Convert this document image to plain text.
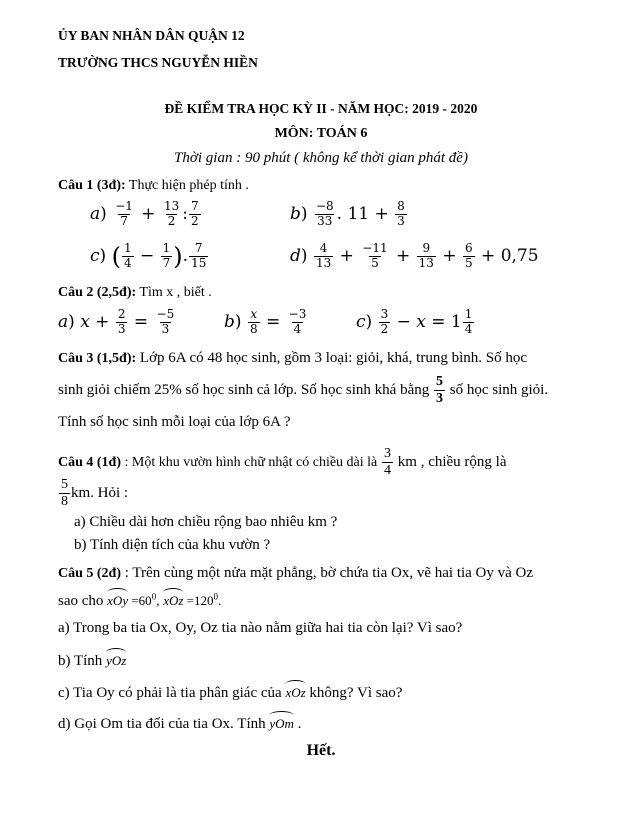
ỦY BAN NHÂN DÂN QUẬN 12
TRƯỜNG THCS NGUYỄN HIỀN
ĐỀ KIỂM TRA HỌC KỲ II - NĂM HỌC: 2019 - 2020
MÔN: TOÁN 6
Thời gian : 90 phút ( không kể thời gian phát đề)
Câu 1 (3đ): Thực hiện phép tính .
$a) \frac{-1}{7} + \frac{13}{2}$ : $\frac{7}{2}$	$b) \frac{-8}{33}$ . $11 + \frac{8}{3}$
c) ( $\frac{1}{4} - \frac{1}{7}$ ). $\frac{7}{15}$	$d) \frac{4}{13} + \frac{-11}{5} + \frac{9}{13} + \frac{6}{5} + 0,75$
Câu 2 (2,5đ): Tìm x , biết .
a) $x + \frac{2}{3} = \frac{-5}{3}$	$b) \frac{x}{8} = \frac{-3}{4}$	$c) \frac{3}{2} - x = 1 \frac{1}{4}$
Câu 3 (1,5đ): Lớp 6A có 48 học sinh, gồm 3 loại: giỏi, khá, trung bình. Số học
sinh giỏi chiếm 25% số học sinh cả lớp. Số học sinh khá bằng $\frac{5}{3}$ số học sinh giỏi.
Tính số học sinh mỗi loại của lớp 6A ?
Câu 4 (1đ) : Một khu vườn hình chữ nhật có chiều dài là $\frac{3}{4}$ km , chiều rộng là
$\frac{5}{8}$ km. Hỏi :
a) Chiều dài hơn chiều rộng bao nhiêu km ?
b) Tính diện tích của khu vườn ?
Câu 5 (2đ) : Trên cùng một nửa mặt phẳng, bờ chứa tia Ox, vẽ hai tia Oy và Oz
sao cho xOy $=60^0$, xOz $=120^0$.
a) Trong ba tia Ox, Oy, Oz tia nào nằm giữa hai tia còn lại? Vì sao?
b) Tính yOz
c) Tia Oy có phải là tia phân giác của xOz không? Vì sao?
d) Gọi Om tia đối của tia Ox. Tính yOm .
Hết.
